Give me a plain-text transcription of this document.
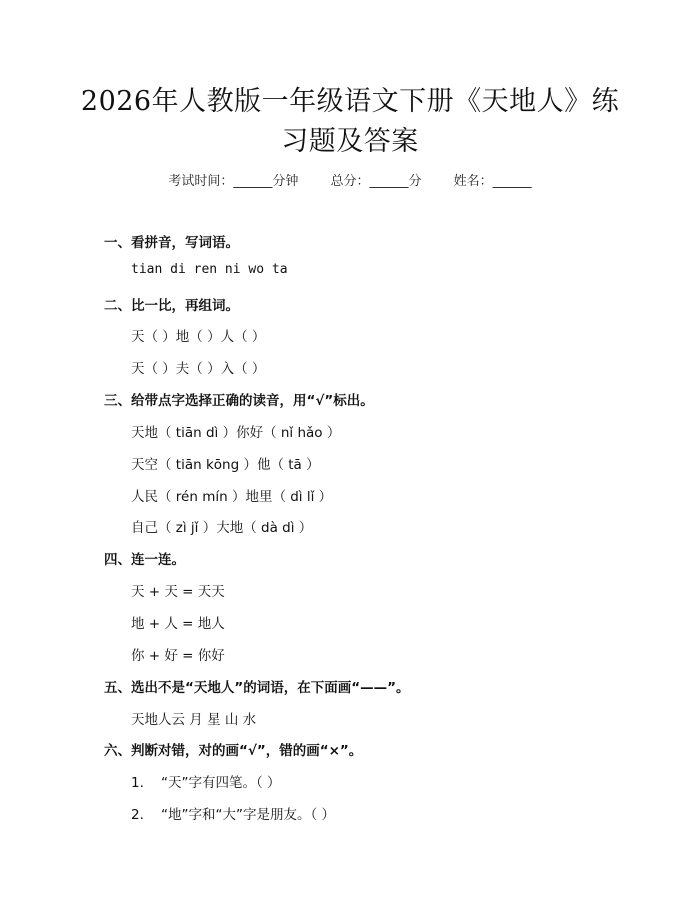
2026年人教版一年级语文下册《天地人》练
习题及答案
考试时间：______分钟 总分：______分 姓名：______
一、看拼音，写词语。
tian di ren ni wo ta
二、比一比，再组词。
天（ ）地（ ）人（ ）
天（ ）夫（ ）入（ ）
三、给带点字选择正确的读音，用“√”标出。
天地（ tiān dì ）你好（ nǐ hǎo ）
天空（ tiān kōng ）他（ tā ）
人民（ rén mín ）地里（ dì lǐ ）
自己（ zì jǐ ）大地（ dà dì ）
四、连一连。
天 + 天 = 天天
地 + 人 = 地人
你 + 好 = 你好
五、选出不是“天地人”的词语，在下面画“——”。
天地人云 月 星 山 水
六、判断对错，对的画“√”，错的画“×”。
1. “天”字有四笔。（ ）
2. “地”字和“大”字是朋友。（ ）
